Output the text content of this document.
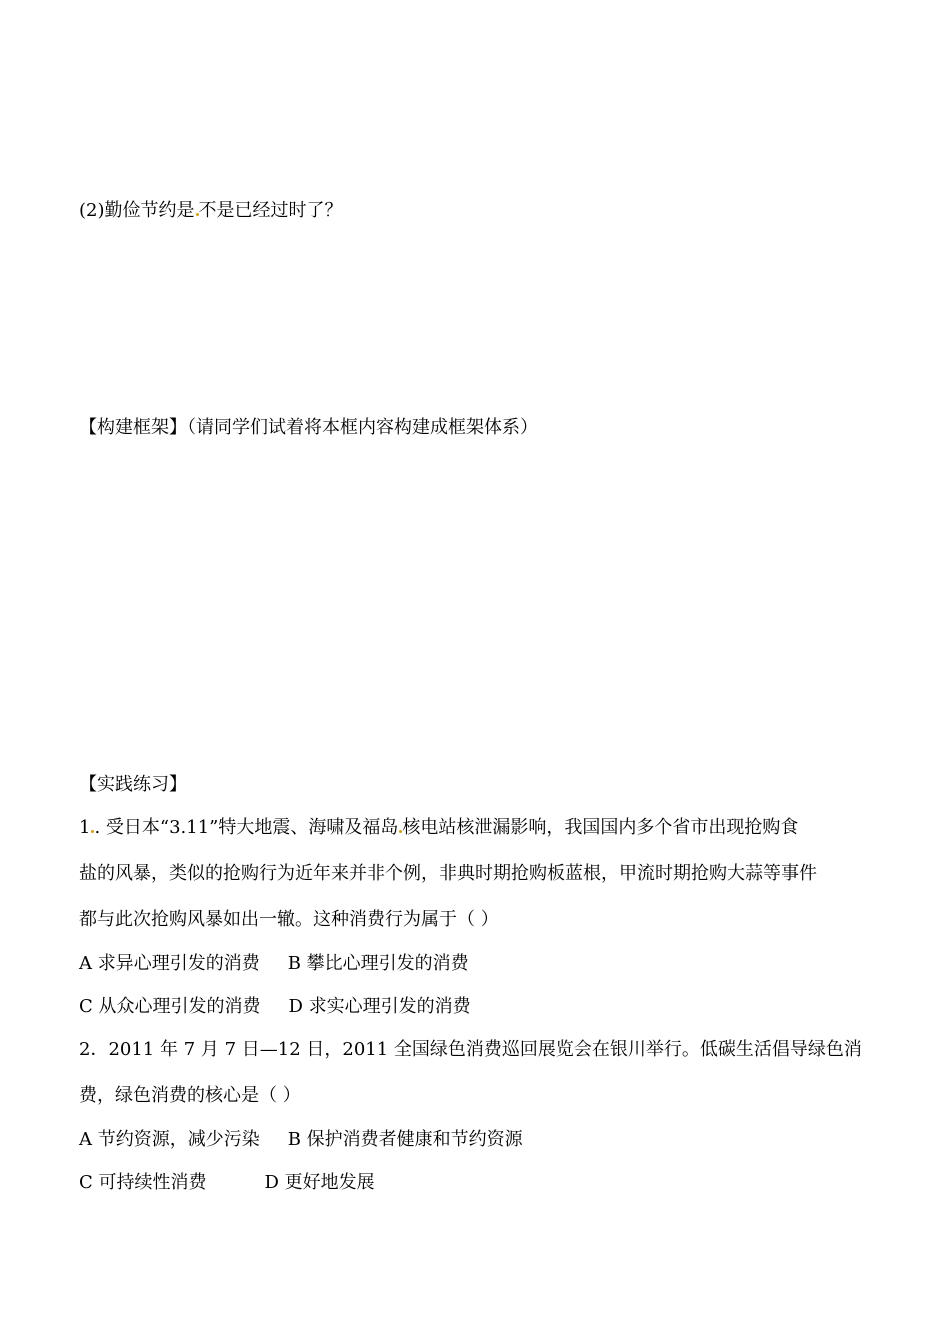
(2)勤俭节约是 不是已经过时了？
【构建框架】（请同学们试着将本框内容构建成框架体系）
【实践练习】
1 . 受日本“3.11”特大地震、海啸及福岛 核电站核泄漏影响，我国国内多个省市出现抢购食
盐的风暴，类似的抢购行为近年来并非个例，非典时期抢购板蓝根，甲流时期抢购大蒜等事件
都与此次抢购风暴如出一辙。这种消费行为属于（ ）
A 求异心理引发的消费 B 攀比心理引发的消费
C 从众心理引发的消费 D 求实心理引发的消费
2．2011 年 7 月 7 日—12 日，2011 全国绿色消费巡回展览会在银川举行。低碳生活倡导绿色消
费，绿色消费的核心是（ ）
A 节约资源，减少污染 B 保护消费者健康和节约资源
C 可持续性消费	D 更好地发展
